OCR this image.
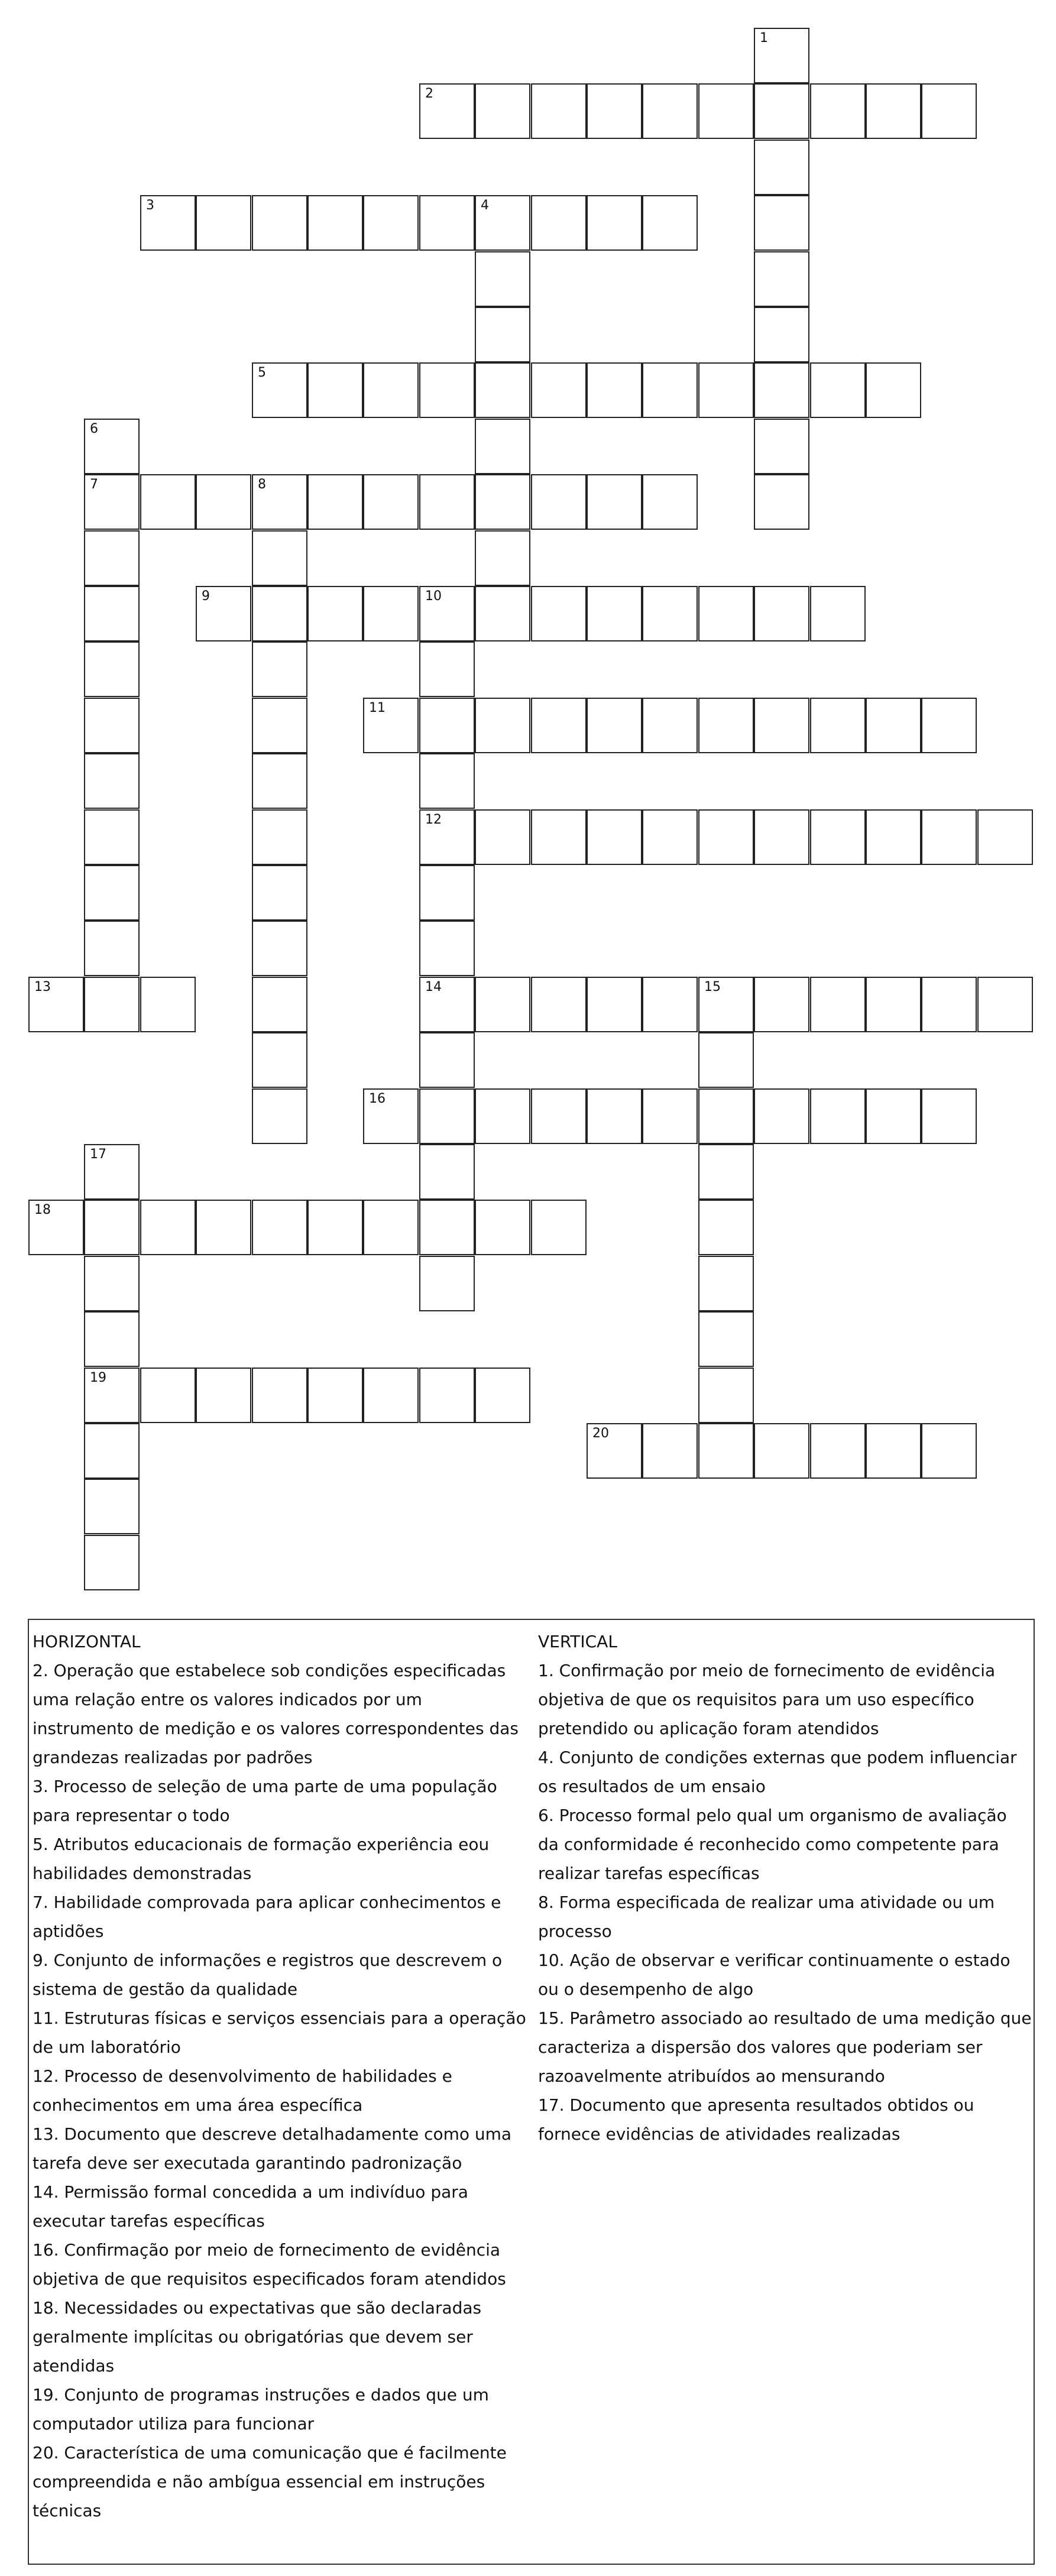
2
3	4
5
7	8
9	10
11
12
13	14	15
16
18
19
20
1
6
17

HORIZONTAL

2. Operação que estabelece sob condições especificadas uma relação entre os valores indicados por um instrumento de medição e os valores correspondentes das grandezas realizadas por padrões

3. Processo de seleção de uma parte de uma população para representar o todo

5. Atributos educacionais de formação experiência eou habilidades demonstradas

7. Habilidade comprovada para aplicar conhecimentos e aptidões

9. Conjunto de informações e registros que descrevem o sistema de gestão da qualidade

11. Estruturas físicas e serviços essenciais para a operação de um laboratório

12. Processo de desenvolvimento de habilidades e conhecimentos em uma área específica

13. Documento que descreve detalhadamente como uma tarefa deve ser executada garantindo padronização

14. Permissão formal concedida a um indivíduo para executar tarefas específicas

16. Confirmação por meio de fornecimento de evidência objetiva de que requisitos especificados foram atendidos

18. Necessidades ou expectativas que são declaradas geralmente implícitas ou obrigatórias que devem ser atendidas

19. Conjunto de programas instruções e dados que um computador utiliza para funcionar

20. Característica de uma comunicação que é facilmente compreendida e não ambígua essencial em instruções técnicas

VERTICAL

1. Confirmação por meio de fornecimento de evidência objetiva de que os requisitos para um uso específico pretendido ou aplicação foram atendidos

4. Conjunto de condições externas que podem influenciar os resultados de um ensaio

6. Processo formal pelo qual um organismo de avaliação da conformidade é reconhecido como competente para realizar tarefas específicas

8. Forma especificada de realizar uma atividade ou um processo

10. Ação de observar e verificar continuamente o estado ou o desempenho de algo

15. Parâmetro associado ao resultado de uma medição que caracteriza a dispersão dos valores que poderiam ser razoavelmente atribuídos ao mensurando

17. Documento que apresenta resultados obtidos ou fornece evidências de atividades realizadas
